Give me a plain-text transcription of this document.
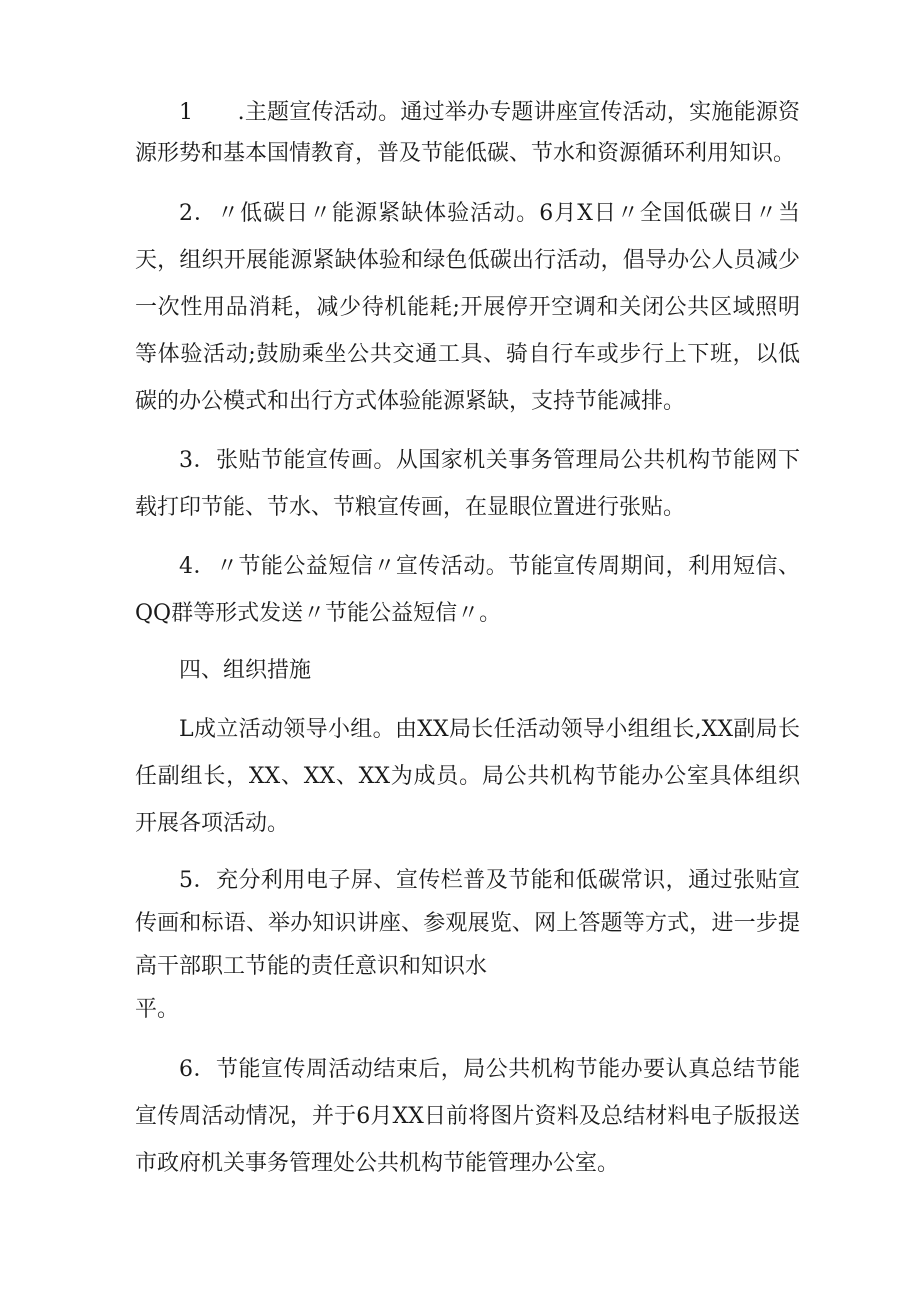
1　　.主题宣传活动。通过举办专题讲座宣传活动，实施能源资源形势和基本国情教育，普及节能低碳、节水和资源循环利用知识。

2．〃低碳日〃能源紧缺体验活动。6月X日〃全国低碳日〃当天，组织开展能源紧缺体验和绿色低碳出行活动，倡导办公人员减少一次性用品消耗，减少待机能耗;开展停开空调和关闭公共区域照明等体验活动;鼓励乘坐公共交通工具、骑自行车或步行上下班，以低碳的办公模式和出行方式体验能源紧缺，支持节能减排。

3．张贴节能宣传画。从国家机关事务管理局公共机构节能网下载打印节能、节水、节粮宣传画，在显眼位置进行张贴。

4．〃节能公益短信〃宣传活动。节能宣传周期间，利用短信、QQ群等形式发送〃节能公益短信〃。

四、组织措施

L成立活动领导小组。由XX局长任活动领导小组组长,XX副局长任副组长，XX、XX、XX为成员。局公共机构节能办公室具体组织开展各项活动。

5．充分利用电子屏、宣传栏普及节能和低碳常识，通过张贴宣传画和标语、举办知识讲座、参观展览、网上答题等方式，进一步提高干部职工节能的责任意识和知识水
平。

6．节能宣传周活动结束后，局公共机构节能办要认真总结节能宣传周活动情况，并于6月XX日前将图片资料及总结材料电子版报送市政府机关事务管理处公共机构节能管理办公室。
